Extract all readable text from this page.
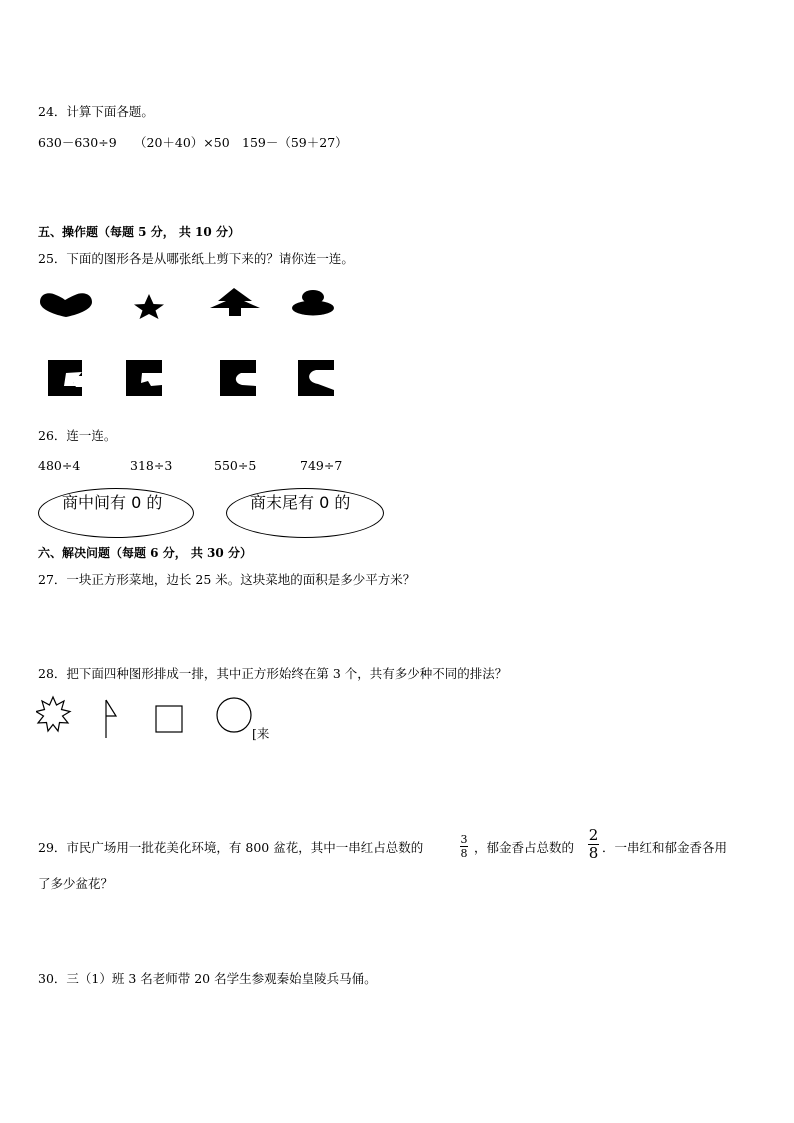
24．计算下面各题。
630－630÷9 （20＋40）×50 159－（59＋27）
五、操作题（每题 5 分， 共 10 分）
25．下面的图形各是从哪张纸上剪下来的？请你连一连。
26．连一连。
480÷4	318÷3	550÷5	749÷7
商中间有 0 的	商末尾有 0 的
六、解决问题（每题 6 分， 共 30 分）
27．一块正方形菜地，边长 25 米。这块菜地的面积是多少平方米？
28．把下面四种图形排成一排，其中正方形始终在第 3 个，共有多少种不同的排法？
[来
29．市民广场用一批花美化环境，有 800 盆花，其中一串红占总数的
3
8 ，郁金香占总数的
2
8 ．一串红和郁金香各用
了多少盆花？
30．三（1）班 3 名老师带 20 名学生参观秦始皇陵兵马俑。
